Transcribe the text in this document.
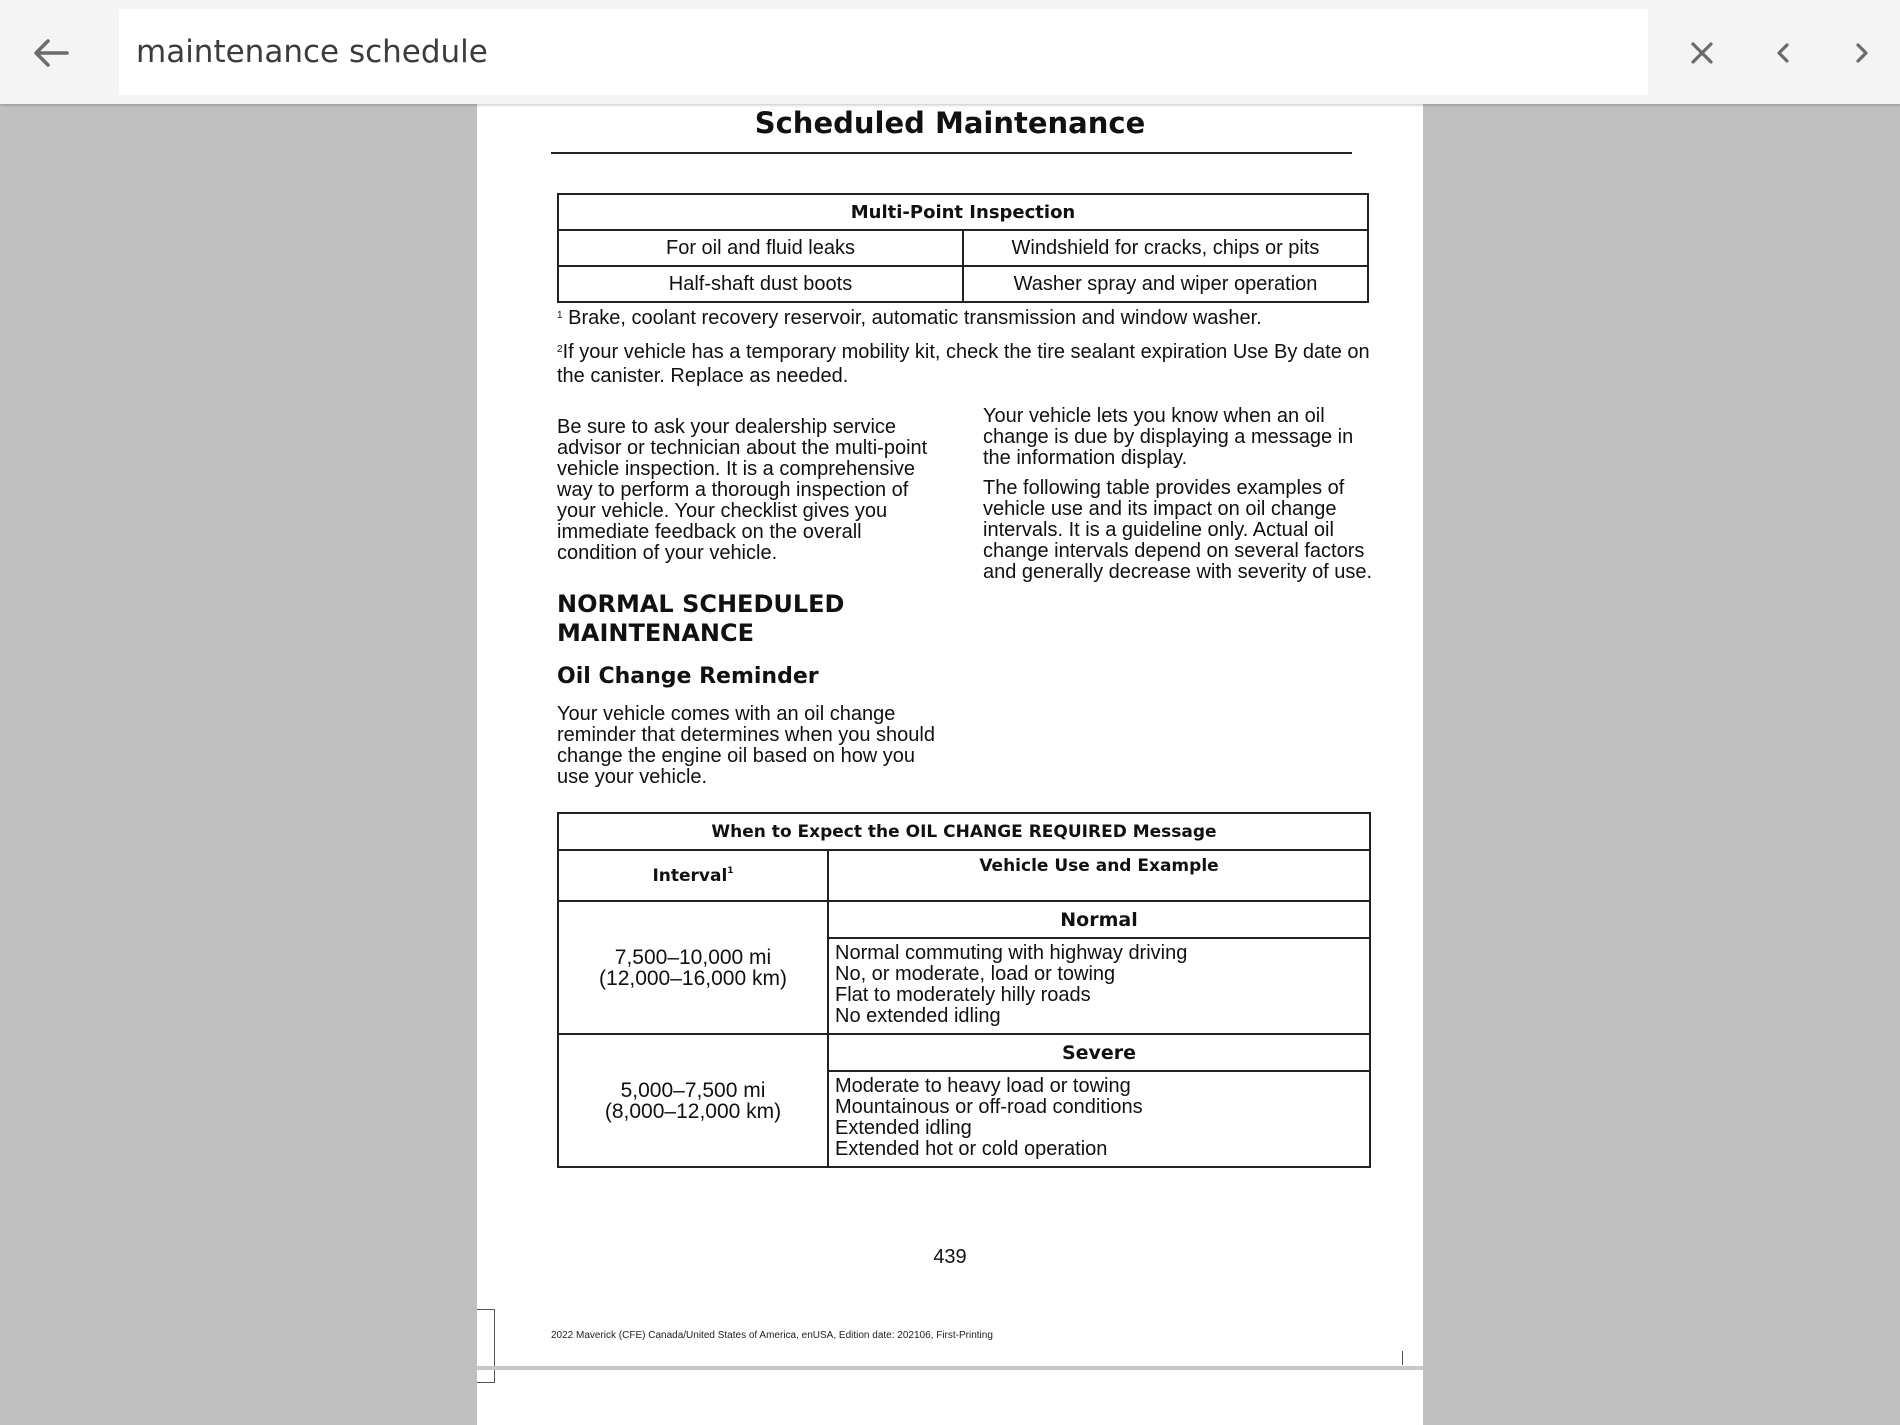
maintenance schedule
Scheduled Maintenance
Multi-Point Inspection	
For oil and fluid leaks	Windshield for cracks, chips or pits
Half-shaft dust boots	Washer spray and wiper operation
$^1$ Brake, coolant recovery reservoir, automatic transmission and window washer.
$^2$If your vehicle has a temporary mobility kit, check the tire sealant expiration Use By date on the canister. Replace as needed.

Be sure to ask your dealership service advisor or technician about the multi-point vehicle inspection. It is a comprehensive way to perform a thorough inspection of your vehicle. Your checklist gives you immediate feedback on the overall condition of your vehicle.

NORMAL SCHEDULED MAINTENANCE
Oil Change Reminder

Your vehicle comes with an oil change reminder that determines when you should change the engine oil based on how you use your vehicle.

Your vehicle lets you know when an oil change is due by displaying a message in the information display.

The following table provides examples of vehicle use and its impact on oil change intervals. It is a guideline only. Actual oil change intervals depend on several factors and generally decrease with severity of use.

When to Expect the OIL CHANGE REQUIRED Message	
Interval$^1$	Vehicle Use and Example

7,500–10,000 mi
(12,000–16,000 km)	Normal

	Normal commuting with highway driving
No, or moderate, load or towing
Flat to moderately hilly roads
No extended idling

5,000–7,500 mi
(8,000–12,000 km)	Severe

	Moderate to heavy load or towing
Mountainous or off-road conditions
Extended idling
Extended hot or cold operation
439
2022 Maverick (CFE) Canada/United States of America, enUSA, Edition date: 202106, First-Printing
